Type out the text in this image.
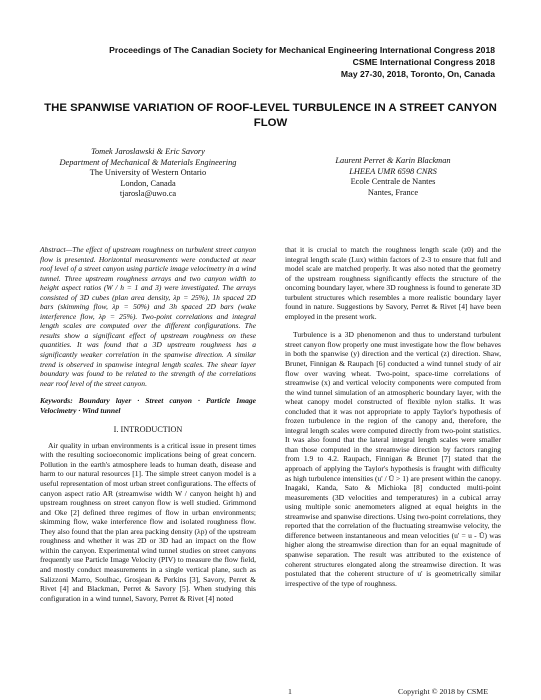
Proceedings of The Canadian Society for Mechanical Engineering International Congress 2018
CSME International Congress 2018
May 27-30, 2018, Toronto, On, Canada
THE SPANWISE VARIATION OF ROOF-LEVEL TURBULENCE IN A STREET CANYON FLOW
Tomek Jaroslawski & Eric Savory
Department of Mechanical & Materials Engineering
The University of Western Ontario
London, Canada
tjarosla@uwo.ca
Laurent Perret & Karin Blackman
LHEEA UMR 6598 CNRS
Ecole Centrale de Nantes
Nantes, France

Abstract—The effect of upstream roughness on turbulent street canyon flow is presented. Horizontal measurements were conducted at near roof level of a street canyon using particle image velocimetry in a wind tunnel. Three upstream roughness arrays and two canyon width to height aspect ratios (W / h = 1 and 3) were investigated. The arrays consisted of 3D cubes (plan area density, λp = 25%), 1h spaced 2D bars (skimming flow, λp = 50%) and 3h spaced 2D bars (wake interference flow, λp = 25%). Two-point correlations and integral length scales are computed over the different configurations. The results show a significant effect of upstream roughness on these quantities. It was found that a 3D upstream roughness has a significantly weaker correlation in the spanwise direction. A similar trend is observed in spanwise integral length scales. The shear layer boundary was found to be related to the strength of the correlations near roof level of the street canyon.

Keywords: Boundary layer · Street canyon · Particle Image Velocimetry · Wind tunnel

I. INTRODUCTION

Air quality in urban environments is a critical issue in present times with the resulting socioeconomic implications being of great concern. Pollution in the earth's atmosphere leads to human death, disease and harm to our natural resources [1]. The simple street canyon model is a useful representation of most urban street configurations. The effects of canyon aspect ratio AR (streamwise width W / canyon height h) and upstream roughness on street canyon flow is well studied. Grimmond and Oke [2] defined three regimes of flow in urban environments; skimming flow, wake interference flow and isolated roughness flow. They also found that the plan area packing density (λp) of the upstream roughness and whether it was 2D or 3D had an impact on the flow within the canyon. Experimental wind tunnel studies on street canyons frequently use Particle Image Velocity (PIV) to measure the flow field, and mostly conduct measurements in a single vertical plane, such as Salizzoni Marro, Soulhac, Grosjean & Perkins [3], Savory, Perret & Rivet [4] and Blackman, Perret & Savory [5]. When studying this configuration in a wind tunnel, Savory, Perret & Rivet [4] noted

that it is crucial to match the roughness length scale (z0) and the integral length scale (Lux) within factors of 2-3 to ensure that full and model scale are matched properly. It was also noted that the geometry of the upstream roughness significantly effects the structure of the oncoming boundary layer, where 3D roughness is found to generate 3D turbulent structures which resembles a more realistic boundary layer found in nature. Suggestions by Savory, Perret & Rivet [4] have been employed in the present work.

Turbulence is a 3D phenomenon and thus to understand turbulent street canyon flow properly one must investigate how the flow behaves in both the spanwise (y) direction and the vertical (z) direction. Shaw, Brunet, Finnigan & Raupach [6] conducted a wind tunnel study of air flow over waving wheat. Two-point, space-time correlations of streamwise (x) and vertical velocity components were computed from the wind tunnel simulation of an atmospheric boundary layer, with the wheat canopy model constructed of flexible nylon stalks. It was concluded that it was not appropriate to apply Taylor's hypothesis of frozen turbulence in the region of the canopy and, therefore, the integral length scales were computed directly from two-point statistics. It was also found that the lateral integral length scales were smaller than those computed in the streamwise direction by factors ranging from 1.9 to 4.2. Raupach, Finnigan & Brunet [7] stated that the approach of applying the Taylor's hypothesis is fraught with difficulty as high turbulence intensities (u' / Ū > 1) are present within the canopy. Inagaki, Kanda, Sato & Michioka [8] conducted multi-point measurements (3D velocities and temperatures) in a cubical array using multiple sonic anemometers aligned at equal heights in the streamwise and spanwise directions. Using two-point correlations, they reported that the correlation of the fluctuating streamwise velocity, the difference between instantaneous and mean velocities (u' = u - Ū) was higher along the streamwise direction than for an equal magnitude of spanwise separation. The result was attributed to the existence of coherent structures elongated along the streamwise direction. It was postulated that the coherent structure of u' is geometrically similar irrespective of the type of roughness.

1	Copyright © 2018 by CSME
